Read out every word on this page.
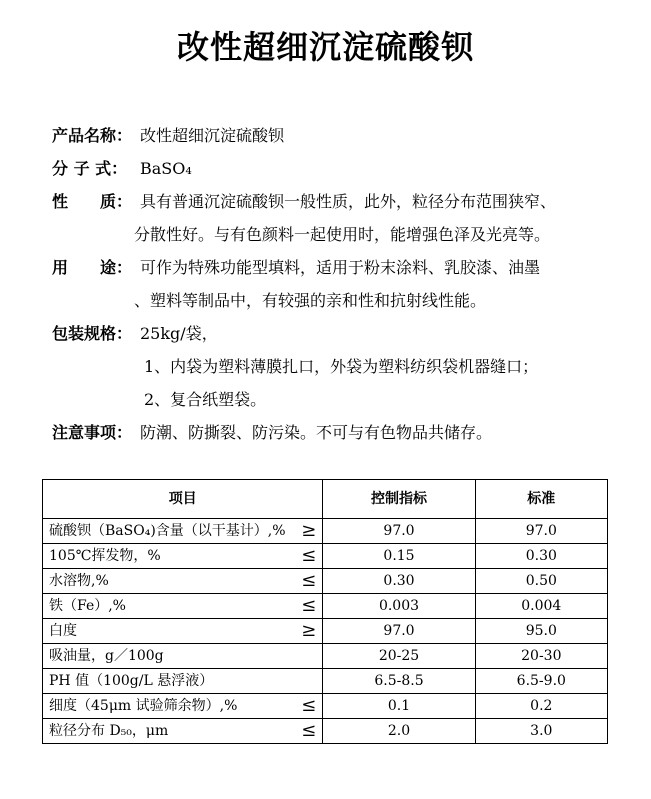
改性超细沉淀硫酸钡
产品名称： 改性超细沉淀硫酸钡
分 子 式： BaSO₄
性　　质： 具有普通沉淀硫酸钡一般性质，此外，粒径分布范围狭窄、
分散性好。与有色颜料一起使用时，能增强色泽及光亮等。
用　　途： 可作为特殊功能型填料，适用于粉末涂料、乳胶漆、油墨
、塑料等制品中，有较强的亲和性和抗射线性能。
包装规格： 25kg/袋，
1、内袋为塑料薄膜扎口，外袋为塑料纺织袋机器缝口；
2、复合纸塑袋。
注意事项： 防潮、防撕裂、防污染。不可与有色物品共储存。
项目	控制指标	标准
硫酸钡（BaSO₄)含量（以干基计）,% ≥	97.0	97.0
105℃挥发物，% ≤	0.15	0.30
水溶物,% ≤	0.30	0.50
铁（Fe）,% ≤	0.003	0.004
白度 ≥	97.0	95.0
吸油量，g／100g	20-25	20-30
PH 值（100g/L 悬浮液）	6.5-8.5	6.5-9.0
细度（45μm 试验筛余物）,% ≤	0.1	0.2
粒径分布 D₅₀，μm ≤	2.0	3.0
